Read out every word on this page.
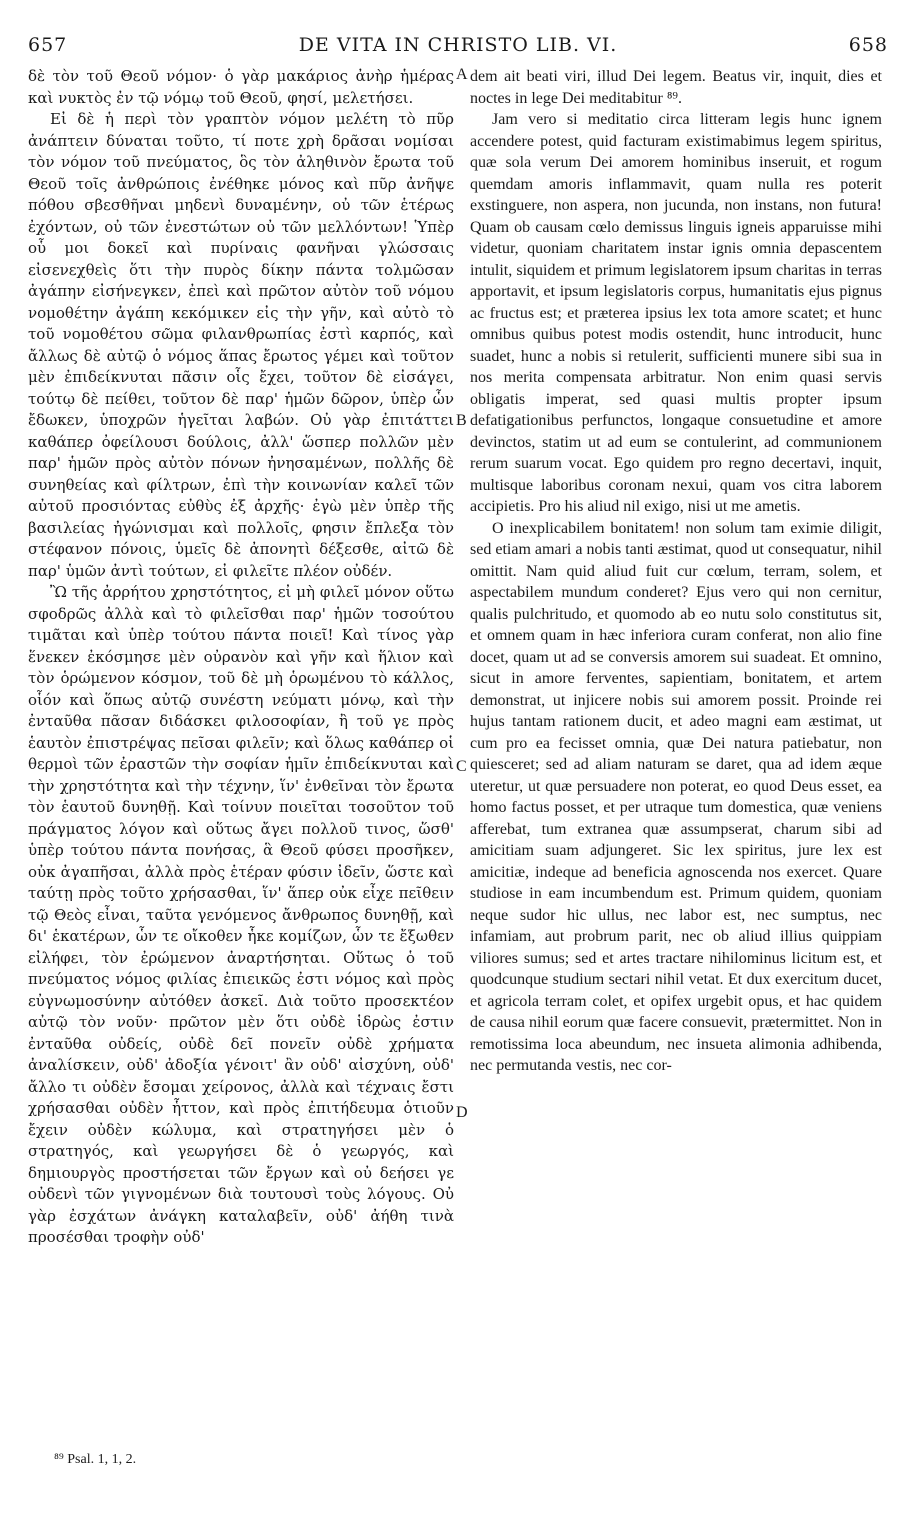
657	DE VITA IN CHRISTO LIB. VI.	658

δὲ τὸν τοῦ Θεοῦ νόμον· ὁ γὰρ μακάριος ἀνὴρ ἡμέρας καὶ νυκτὸς ἐν τῷ νόμῳ τοῦ Θεοῦ, φησί, μελετήσει.

Εἰ δὲ ἡ περὶ τὸν γραπτὸν νόμον μελέτη τὸ πῦρ ἀνάπτειν δύναται τοῦτο, τί ποτε χρὴ δρᾶσαι νομίσαι τὸν νόμον τοῦ πνεύματος, ὃς τὸν ἀληθινὸν ἔρωτα τοῦ Θεοῦ τοῖς ἀνθρώποις ἐνέθηκε μόνος καὶ πῦρ ἀνῆψε πόθου σβεσθῆναι μηδενὶ δυναμένην, οὐ τῶν ἑτέρως ἐχόντων, οὐ τῶν ἐνεστώτων οὐ τῶν μελλόντων! Ὑπὲρ οὗ μοι δοκεῖ καὶ πυρίναις φανῆναι γλώσσαις εἰσενεχθεὶς ὅτι τὴν πυρὸς δίκην πάντα τολμῶσαν ἀγάπην εἰσήνεγκεν, ἐπεὶ καὶ πρῶτον αὐτὸν τοῦ νόμου νομοθέτην ἀγάπη κεκόμικεν εἰς τὴν γῆν, καὶ αὐτὸ τὸ τοῦ νομοθέτου σῶμα φιλανθρωπίας ἐστὶ καρπός, καὶ ἄλλως δὲ αὐτῷ ὁ νόμος ἅπας ἔρωτος γέμει καὶ τοῦτον μὲν ἐπιδείκνυται πᾶσιν οἷς ἔχει, τοῦτον δὲ εἰσάγει, τούτῳ δὲ πείθει, τοῦτον δὲ παρ' ἡμῶν δῶρον, ὑπὲρ ὧν ἔδωκεν, ὑποχρῶν ἡγεῖται λαβών. Οὐ γὰρ ἐπιτάττει καθάπερ ὀφείλουσι δούλοις, ἀλλ' ὥσπερ πολλῶν μὲν παρ' ἡμῶν πρὸς αὐτὸν πόνων ἠνησαμένων, πολλῆς δὲ συνηθείας καὶ φίλτρων, ἐπὶ τὴν κοινωνίαν καλεῖ τῶν αὐτοῦ προσιόντας εὐθὺς ἐξ ἀρχῆς· ἐγὼ μὲν ὑπὲρ τῆς βασιλείας ἠγώνισμαι καὶ πολλοῖς, φησιν ἔπλεξα τὸν στέφανον πόνοις, ὑμεῖς δὲ ἀπονητὶ δέξεσθε, αἰτῶ δὲ παρ' ὑμῶν ἀντὶ τούτων, εἰ φιλεῖτε πλέον οὐδέν.

Ὢ τῆς ἀρρήτου χρηστότητος, εἰ μὴ φιλεῖ μόνον οὕτω σφοδρῶς ἀλλὰ καὶ τὸ φιλεῖσθαι παρ' ἡμῶν τοσούτου τιμᾶται καὶ ὑπὲρ τούτου πάντα ποιεῖ! Καὶ τίνος γὰρ ἕνεκεν ἐκόσμησε μὲν οὐρανὸν καὶ γῆν καὶ ἥλιον καὶ τὸν ὁρώμενον κόσμον, τοῦ δὲ μὴ ὁρωμένου τὸ κάλλος, οἷόν καὶ ὅπως αὐτῷ συνέστη νεύματι μόνῳ, καὶ τὴν ἐνταῦθα πᾶσαν διδάσκει φιλοσοφίαν, ἢ τοῦ γε πρὸς ἑαυτὸν ἐπιστρέψας πεῖσαι φιλεῖν; καὶ ὅλως καθάπερ οἱ θερμοὶ τῶν ἐραστῶν τὴν σοφίαν ἡμῖν ἐπιδείκνυται καὶ τὴν χρηστότητα καὶ τὴν τέχνην, ἵν' ἐνθεῖναι τὸν ἔρωτα τὸν ἑαυτοῦ δυνηθῇ. Καὶ τοίνυν ποιεῖται τοσοῦτον τοῦ πράγματος λόγον καὶ οὕτως ἄγει πολλοῦ τινος, ὥσθ' ὑπὲρ τούτου πάντα πονήσας, ἃ Θεοῦ φύσει προσῆκεν, οὐκ ἀγαπῆσαι, ἀλλὰ πρὸς ἑτέραν φύσιν ἰδεῖν, ὥστε καὶ ταύτῃ πρὸς τοῦτο χρήσασθαι, ἵν' ἅπερ οὐκ εἶχε πεῖθειν τῷ Θεὸς εἶναι, ταῦτα γενόμενος ἄνθρωπος δυνηθῇ, καὶ δι' ἑκατέρων, ὧν τε οἴκοθεν ἧκε κομίζων, ὧν τε ἔξωθεν εἰλήφει, τὸν ἐρώμενον ἀναρτήσηται. Οὕτως ὁ τοῦ πνεύματος νόμος φιλίας ἐπιεικῶς ἐστι νόμος καὶ πρὸς εὐγνωμοσύνην αὐτόθεν ἀσκεῖ. Διὰ τοῦτο προσεκτέον αὐτῷ τὸν νοῦν· πρῶτον μὲν ὅτι οὐδὲ ἱδρὼς ἐστιν ἐνταῦθα οὐδείς, οὐδὲ δεῖ πονεῖν οὐδὲ χρήματα ἀναλίσκειν, οὐδ' ἀδοξία γένοιτ' ἂν οὐδ' αἰσχύνη, οὐδ' ἄλλο τι οὐδὲν ἔσομαι χείρονος, ἀλλὰ καὶ τέχναις ἔστι χρήσασθαι οὐδὲν ἧττον, καὶ πρὸς ἐπιτήδευμα ὁτιοῦν ἔχειν οὐδὲν κώλυμα, καὶ στρατηγήσει μὲν ὁ στρατηγός, καὶ γεωργήσει δὲ ὁ γεωργός, καὶ δημιουργὸς προστήσεται τῶν ἔργων καὶ οὐ δεήσει γε οὐδενὶ τῶν γιγνομένων διὰ τουτουσὶ τοὺς λόγους. Οὐ γὰρ ἐσχάτων ἀνάγκη καταλαβεῖν, οὐδ' ἀήθη τινὰ προσέσθαι τροφὴν οὐδ'

A
B
C
D

dem ait beati viri, illud Dei legem. Beatus vir, inquit, dies et noctes in lege Dei meditabitur ⁸⁹.

Jam vero si meditatio circa litteram legis hunc ignem accendere potest, quid facturam existimabimus legem spiritus, quæ sola verum Dei amorem hominibus inseruit, et rogum quemdam amoris inflammavit, quam nulla res poterit exstinguere, non aspera, non jucunda, non instans, non futura! Quam ob causam cœlo demissus linguis igneis apparuisse mihi videtur, quoniam charitatem instar ignis omnia depascentem intulit, siquidem et primum legislatorem ipsum charitas in terras apportavit, et ipsum legislatoris corpus, humanitatis ejus pignus ac fructus est; et præterea ipsius lex tota amore scatet; et hunc omnibus quibus potest modis ostendit, hunc introducit, hunc suadet, hunc a nobis si retulerit, sufficienti munere sibi sua in nos merita compensata arbitratur. Non enim quasi servis obligatis imperat, sed quasi multis propter ipsum defatigationibus perfunctos, longaque consuetudine et amore devinctos, statim ut ad eum se contulerint, ad communionem rerum suarum vocat. Ego quidem pro regno decertavi, inquit, multisque laboribus coronam nexui, quam vos citra laborem accipietis. Pro his aliud nil exigo, nisi ut me ametis.

O inexplicabilem bonitatem! non solum tam eximie diligit, sed etiam amari a nobis tanti æstimat, quod ut consequatur, nihil omittit. Nam quid aliud fuit cur cœlum, terram, solem, et aspectabilem mundum conderet? Ejus vero qui non cernitur, qualis pulchritudo, et quomodo ab eo nutu solo constitutus sit, et omnem quam in hæc inferiora curam conferat, non alio fine docet, quam ut ad se conversis amorem sui suadeat. Et omnino, sicut in amore ferventes, sapientiam, bonitatem, et artem demonstrat, ut injicere nobis sui amorem possit. Proinde rei hujus tantam rationem ducit, et adeo magni eam æstimat, ut cum pro ea fecisset omnia, quæ Dei natura patiebatur, non quiesceret; sed ad aliam naturam se daret, qua ad idem æque uteretur, ut quæ persuadere non poterat, eo quod Deus esset, ea homo factus posset, et per utraque tum domestica, quæ veniens afferebat, tum extranea quæ assumpserat, charum sibi ad amicitiam suam adjungeret. Sic lex spiritus, jure lex est amicitiæ, indeque ad beneficia agnoscenda nos exercet. Quare studiose in eam incumbendum est. Primum quidem, quoniam neque sudor hic ullus, nec labor est, nec sumptus, nec infamiam, aut probrum parit, nec ob aliud illius quippiam viliores sumus; sed et artes tractare nihilominus licitum est, et quodcunque studium sectari nihil vetat. Et dux exercitum ducet, et agricola terram colet, et opifex urgebit opus, et hac quidem de causa nihil eorum quæ facere consuevit, prætermittet. Non in remotissima loca abeundum, nec insueta alimonia adhibenda, nec permutanda vestis, nec cor-

⁸⁹ Psal. 1, 1, 2.
